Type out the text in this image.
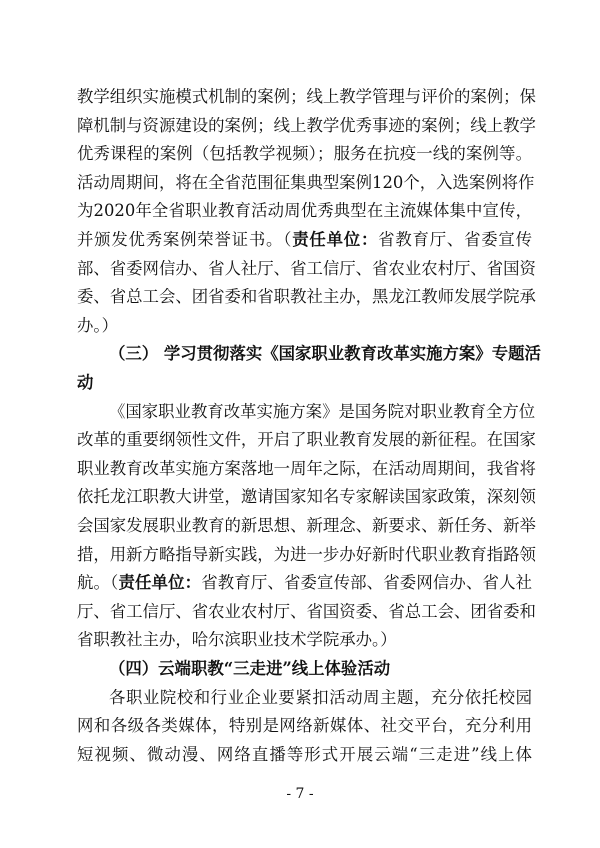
教学组织实施模式机制的案例；线上教学管理与评价的案例；保
障机制与资源建设的案例；线上教学优秀事迹的案例；线上教学
优秀课程的案例（包括教学视频）；服务在抗疫一线的案例等。
活动周期间，将在全省范围征集典型案例120个，入选案例将作
为2020年全省职业教育活动周优秀典型在主流媒体集中宣传，
并颁发优秀案例荣誉证书。（责任单位：省教育厅、省委宣传
部、省委网信办、省人社厅、省工信厅、省农业农村厅、省国资
委、省总工会、团省委和省职教社主办，黑龙江教师发展学院承
办。）
（三） 学习贯彻落实《国家职业教育改革实施方案》专题活
动
《国家职业教育改革实施方案》是国务院对职业教育全方位
改革的重要纲领性文件，开启了职业教育发展的新征程。在国家
职业教育改革实施方案落地一周年之际，在活动周期间，我省将
依托龙江职教大讲堂，邀请国家知名专家解读国家政策，深刻领
会国家发展职业教育的新思想、新理念、新要求、新任务、新举
措，用新方略指导新实践，为进一步办好新时代职业教育指路领
航。（责任单位：省教育厅、省委宣传部、省委网信办、省人社
厅、省工信厅、省农业农村厅、省国资委、省总工会、团省委和
省职教社主办，哈尔滨职业技术学院承办。）
（四）云端职教“三走进”线上体验活动
各职业院校和行业企业要紧扣活动周主题，充分依托校园
网和各级各类媒体，特别是网络新媒体、社交平台，充分利用
短视频、微动漫、网络直播等形式开展云端“三走进”线上体
- 7 -
